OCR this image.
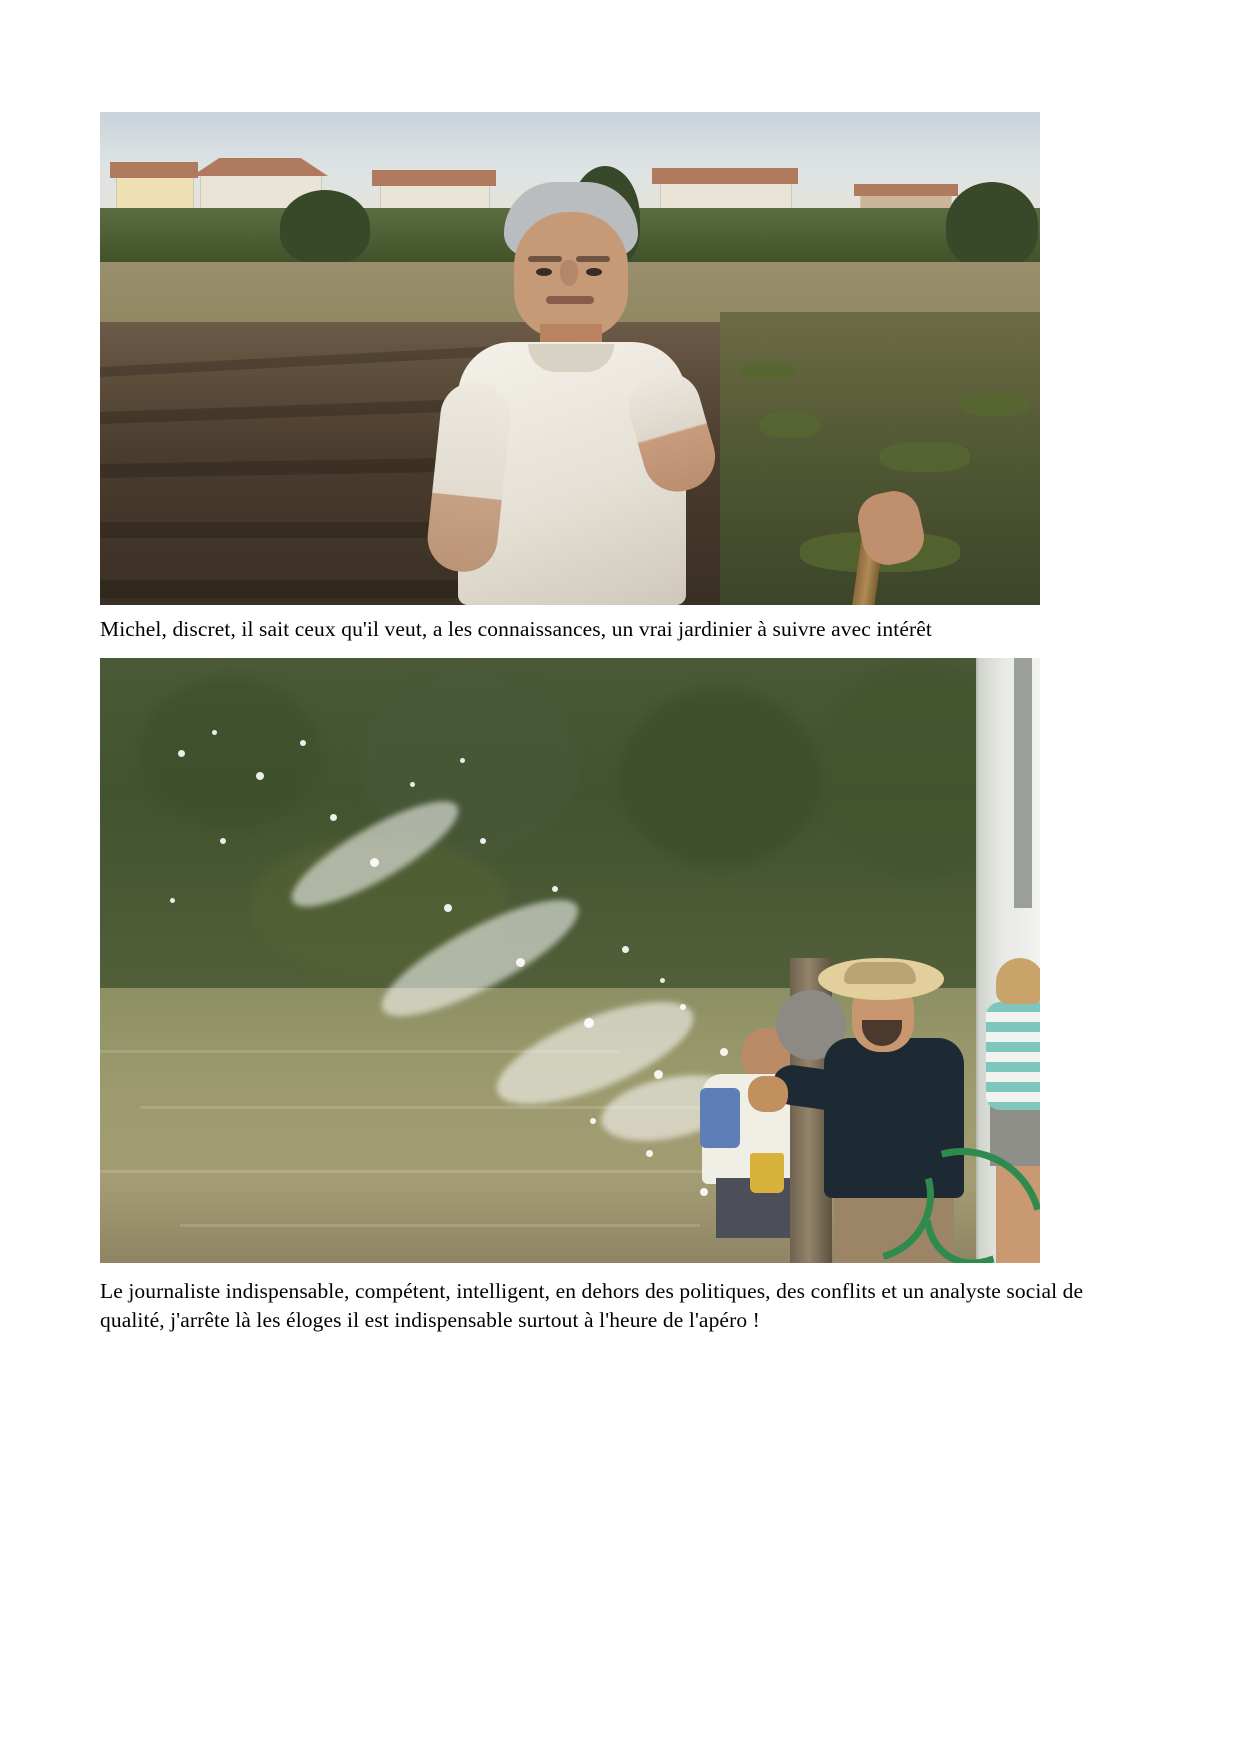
Michel, discret, il sait ceux qu'il veut, a les connaissances, un vrai jardinier à suivre avec intérêt
Le journaliste indispensable, compétent, intelligent, en dehors des politiques, des conflits et un analyste social de qualité, j'arrête là les éloges il est indispensable surtout à l'heure de l'apéro !
